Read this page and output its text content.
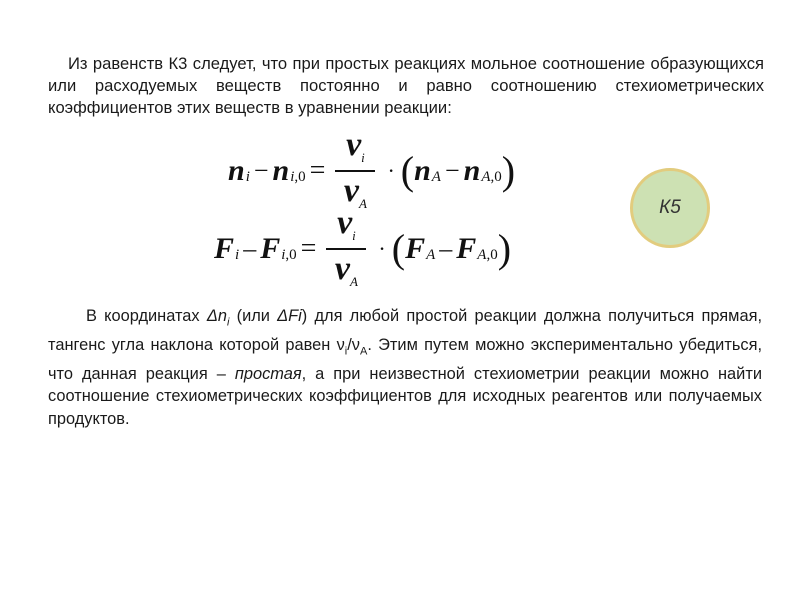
Из равенств К3 следует, что при простых реакциях мольное соотношение образующихся или расходуемых веществ постоянно и равно соотношению стехиометрических коэффициентов этих веществ в уравнении реакции:
n i − n $i,0 = \frac{\nu_i}{\nu_A}$ · ( n A − n A,0 )
F i – F $i,0 = \frac{\nu_i}{\nu_A}$ · ( F A – F A,0 )
К5
В координатах $\Delta n_i$ (или ΔFi) для любой простой реакции должна получиться прямая, тангенс угла наклона которой равен $\nu_i/\nu_A$. Этим путем можно экспериментально убедиться, что данная реакция – простая, а при неизвестной стехиометрии реакции можно найти соотношение стехиометрических коэффициентов для исходных реагентов или получаемых продуктов.
